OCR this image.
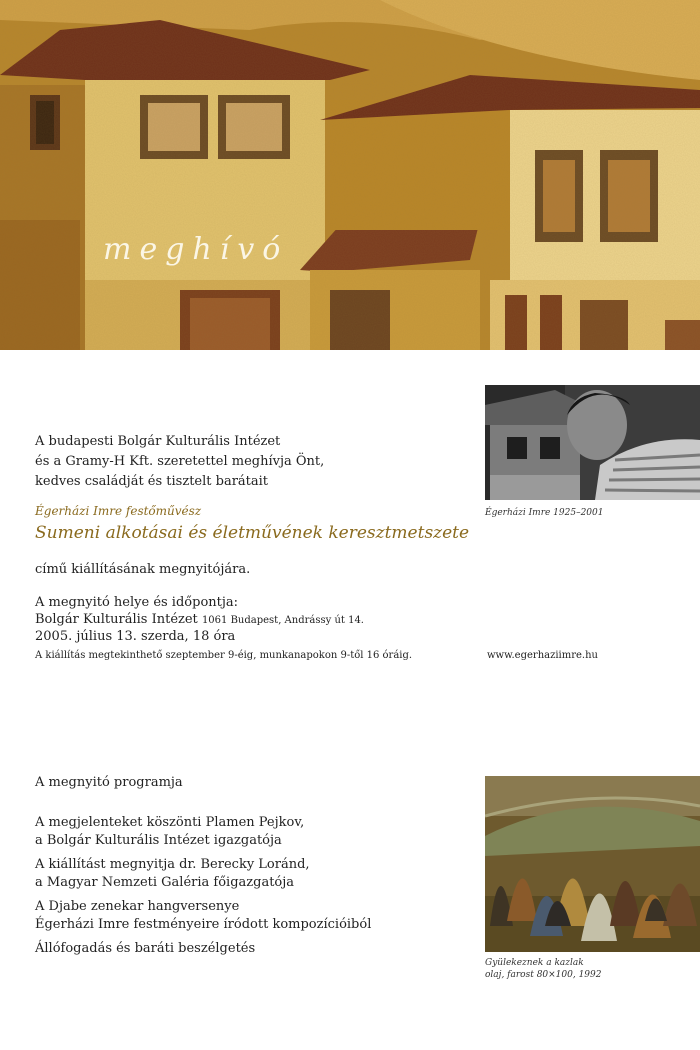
meghívó
A budapesti Bolgár Kulturális Intézet
és a Gramy-H Kft. szeretettel meghívja Önt,
kedves családját és tisztelt barátait
Égerházi Imre festőművész
Sumeni alkotásai és életművének keresztmetszete
című kiállításának megnyitójára.
A megnyitó helye és időpontja:
Bolgár Kulturális Intézet 1061 Budapest, Andrássy út 14.
2005. július 13. szerda, 18 óra
A kiállítás megtekinthető szeptember 9-éig, munkanapokon 9-től 16 óráig.	www.egerhaziimre.hu
Égerházi Imre 1925–2001
A megnyitó programja
A megjelenteket köszönti Plamen Pejkov,
a Bolgár Kulturális Intézet igazgatója
A kiállítást megnyitja dr. Berecky Loránd,
a Magyar Nemzeti Galéria főigazgatója
A Djabe zenekar hangversenye
Égerházi Imre festményeire íródott kompozícióiból
Állófogadás és baráti beszélgetés
Gyülekeznek a kazlak
olaj, farost 80×100, 1992
